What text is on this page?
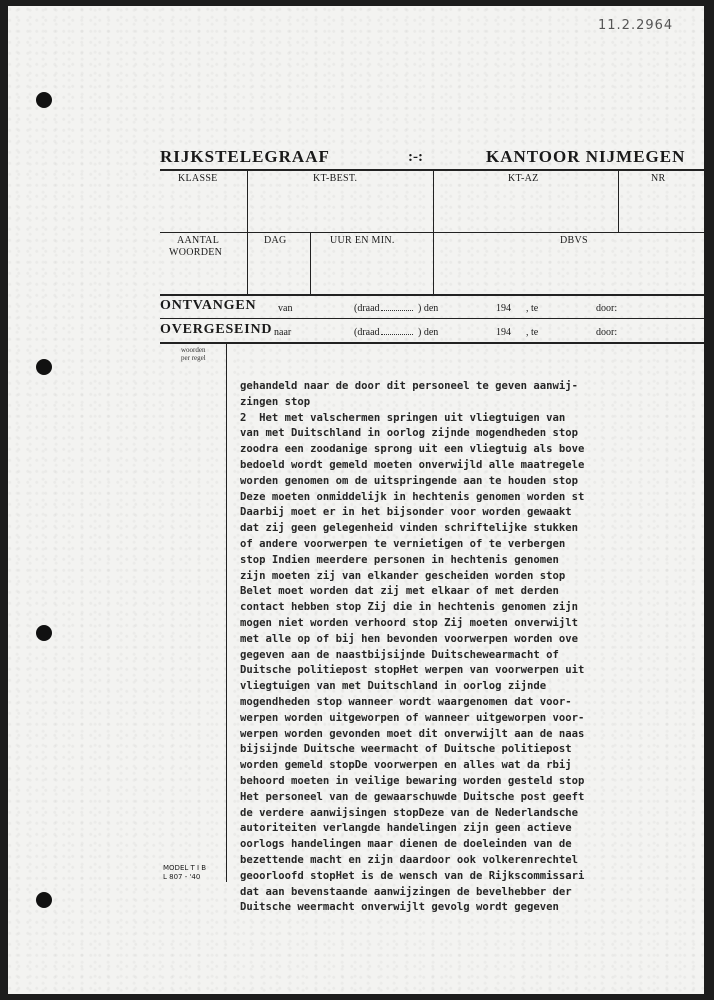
11.2.2964
RIJKSTELEGRAAF	:-:	KANTOOR NIJMEGEN
KLASSE	KT-BEST.	KT-AZ	NR
AANTAL
WOORDEN
DAG	UUR EN MIN.	DBVS
ONTVANGEN van	(draad	) den	194 , te	door:
OVERGESEIND naar	(draad	) den	194 , te	door:
woorden
per regel
MODEL T I B
L 807 - '40
gehandeld naar de door dit personeel te geven aanwij-
zingen stop
2  Het met valschermen springen uit vliegtuigen van
van met Duitschland in oorlog zijnde mogendheden stop
zoodra een zoodanige sprong uit een vliegtuig als bove
bedoeld wordt gemeld moeten onverwijld alle maatregele
worden genomen om de uitspringende aan te houden stop
Deze moeten onmiddelijk in hechtenis genomen worden st
Daarbij moet er in het bijsonder voor worden gewaakt
dat zij geen gelegenheid vinden schriftelijke stukken
of andere voorwerpen te vernietigen of te verbergen
stop Indien meerdere personen in hechtenis genomen
zijn moeten zij van elkander gescheiden worden stop
Belet moet worden dat zij met elkaar of met derden
contact hebben stop Zij die in hechtenis genomen zijn
mogen niet worden verhoord stop Zij moeten onverwijlt
met alle op of bij hen bevonden voorwerpen worden ove
gegeven aan de naastbijsijnde Duitschewearmacht of
Duitsche politiepost stopHet werpen van voorwerpen uit
vliegtuigen van met Duitschland in oorlog zijnde
mogendheden stop wanneer wordt waargenomen dat voor-
werpen worden uitgeworpen of wanneer uitgeworpen voor-
werpen worden gevonden moet dit onverwijlt aan de naas
bijsijnde Duitsche weermacht of Duitsche politiepost
worden gemeld stopDe voorwerpen en alles wat da rbij
behoord moeten in veilige bewaring worden gesteld stop
Het personeel van de gewaarschuwde Duitsche post geeft
de verdere aanwijsingen stopDeze van de Nederlandsche
autoriteiten verlangde handelingen zijn geen actieve
oorlogs handelingen maar dienen de doeleinden van de
bezettende macht en zijn daardoor ook volkerenrechtel
geoorloofd stopHet is de wensch van de Rijkscommissari
dat aan bevenstaande aanwijzingen de bevelhebber der
Duitsche weermacht onverwijlt gevolg wordt gegeven
